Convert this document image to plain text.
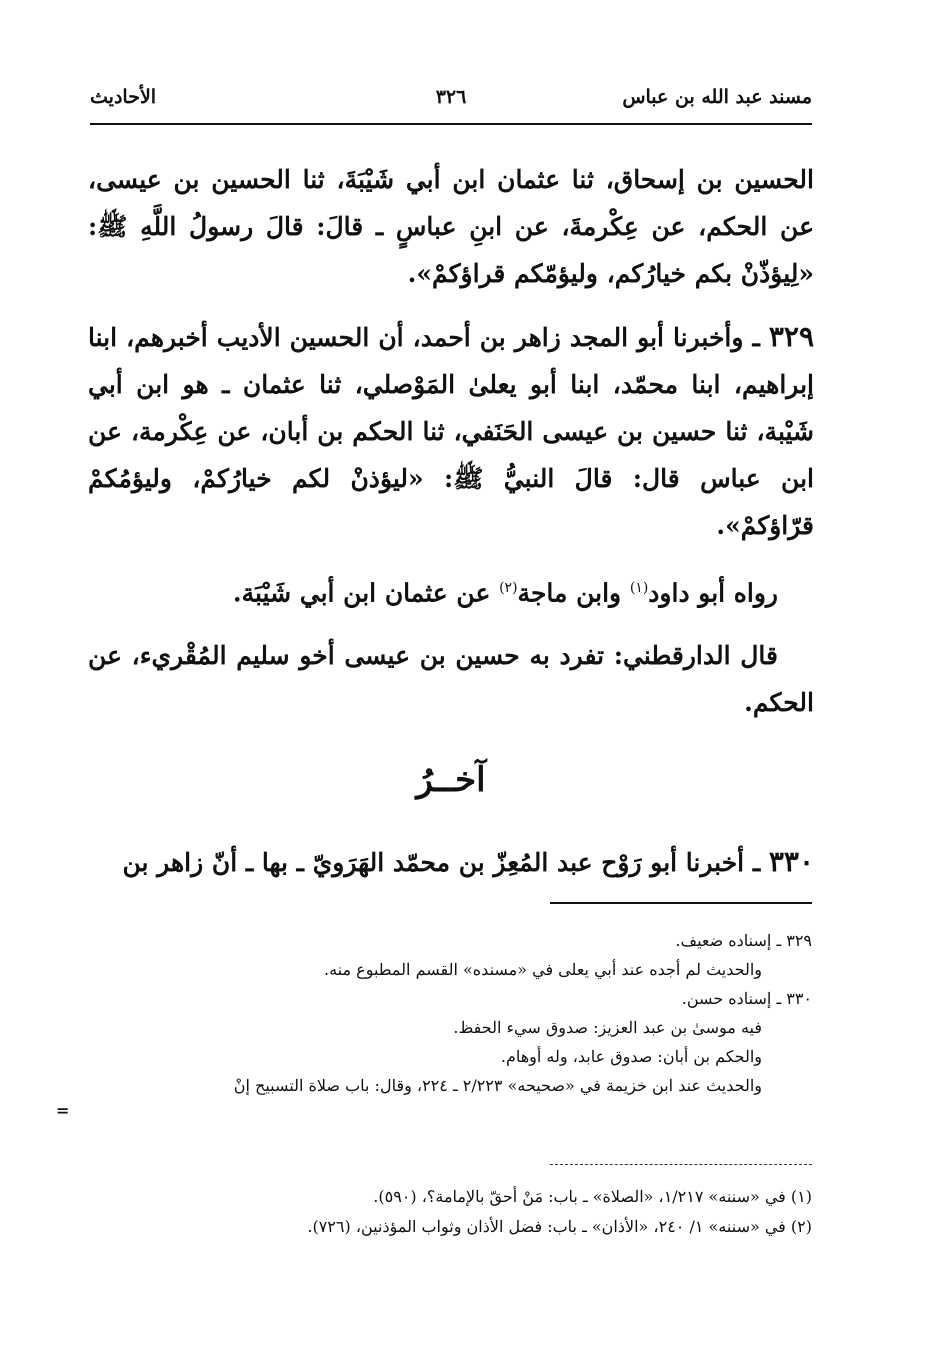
مسند عبد الله بن عباس
٣٢٦
الأحاديث

الحسين بن إسحاق، ثنا عثمان ابن أبي شَيْبَةَ، ثنا الحسين بن عيسى، عن الحكم، عن عِكْرمةَ، عن ابنِ عباسٍ ـ قالَ: قالَ رسولُ اللَّهِ ﷺ: «لِيؤذّنْ بكم خيارُكم، وليؤمّكم قراؤكمْ».

٣٢٩ ـ وأخبرنا أبو المجد زاهر بن أحمد، أن الحسين الأديب أخبرهم، ابنا إبراهيم، ابنا محمّد، ابنا أبو يعلىٰ المَوْصلي، ثنا عثمان ـ هو ابن أبي شَيْبة، ثنا حسين بن عيسى الحَنَفي، ثنا الحكم بن أبان، عن عِكْرمة، عن ابن عباس قال: قالَ النبيُّ ﷺ: «ليؤذنْ لكم خيارُكمْ، وليؤمُكمْ قرّاؤكمْ».

رواه أبو داود$^{(١)}$ وابن ماجة$^{(٢)}$ عن عثمان ابن أبي شَيْبَة.

قال الدارقطني: تفرد به حسين بن عيسى أخو سليم المُقْريء، عن الحكم.

آخــرُ

٣٣٠ ـ أخبرنا أبو رَوْح عبد المُعِزّ بن محمّد الهَرَويّ ـ بها ـ أنّ زاهر بن

٣٢٩ ـ إسناده ضعيف.

والحديث لم أجده عند أبي يعلى في «مسنده» القسم المطبوع منه.

٣٣٠ ـ إسناده حسن.

فيه موسىٰ بن عبد العزيز: صدوق سيء الحفظ.

والحكم بن أبان: صدوق عابد، وله أوهام.

والحديث عند ابن خزيمة في «صحيحه» ٢/٢٢٣ ـ ٢٢٤، وقال: باب صلاة التسبيح إنْ

=

(١) في «سننه» ١/٢١٧، «الصلاة» ـ باب: مَنْ أحقّ بالإمامة؟، (٥٩٠).

(٢) في «سننه» ١/ ٢٤٠، «الأذان» ـ باب: فضل الأذان وثواب المؤذنين، (٧٢٦).
